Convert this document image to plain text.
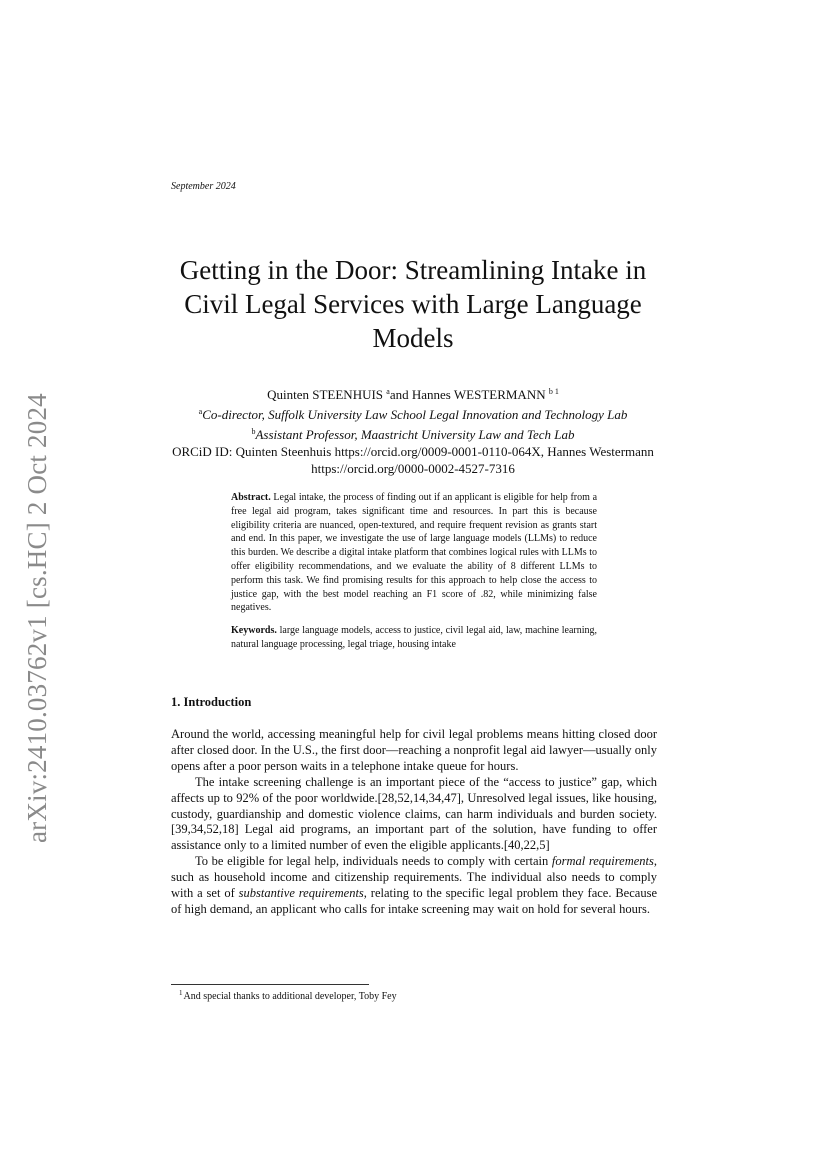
arXiv:2410.03762v1 [cs.HC] 2 Oct 2024
September 2024
Getting in the Door: Streamlining Intake in Civil Legal Services with Large Language Models
Quinten STEENHUIS $^a$and Hannes WESTERMANN $^{b 1}$
$^a$Co-director, Suffolk University Law School Legal Innovation and Technology Lab
$^b$Assistant Professor, Maastricht University Law and Tech Lab
ORCiD ID: Quinten Steenhuis https://orcid.org/0009-0001-0110-064X, Hannes Westermann https://orcid.org/0000-0002-4527-7316

Abstract. Legal intake, the process of finding out if an applicant is eligible for help from a free legal aid program, takes significant time and resources. In part this is because eligibility criteria are nuanced, open-textured, and require frequent revision as grants start and end. In this paper, we investigate the use of large language models (LLMs) to reduce this burden. We describe a digital intake platform that combines logical rules with LLMs to offer eligibility recommendations, and we evaluate the ability of 8 different LLMs to perform this task. We find promising results for this approach to help close the access to justice gap, with the best model reaching an F1 score of .82, while minimizing false negatives.

Keywords. large language models, access to justice, civil legal aid, law, machine learning, natural language processing, legal triage, housing intake

1. Introduction

Around the world, accessing meaningful help for civil legal problems means hitting closed door after closed door. In the U.S., the first door—reaching a nonprofit legal aid lawyer—usually only opens after a poor person waits in a telephone intake queue for hours.

The intake screening challenge is an important piece of the “access to justice” gap, which affects up to 92% of the poor worldwide.[28,52,14,34,47], Unresolved legal issues, like housing, custody, guardianship and domestic violence claims, can harm individuals and burden society. [39,34,52,18] Legal aid programs, an important part of the solution, have funding to offer assistance only to a limited number of even the eligible applicants.[40,22,5]

To be eligible for legal help, individuals needs to comply with certain formal requirements, such as household income and citizenship requirements. The individual also needs to comply with a set of substantive requirements, relating to the specific legal problem they face. Because of high demand, an applicant who calls for intake screening may wait on hold for several hours.

$^1$And special thanks to additional developer, Toby Fey
